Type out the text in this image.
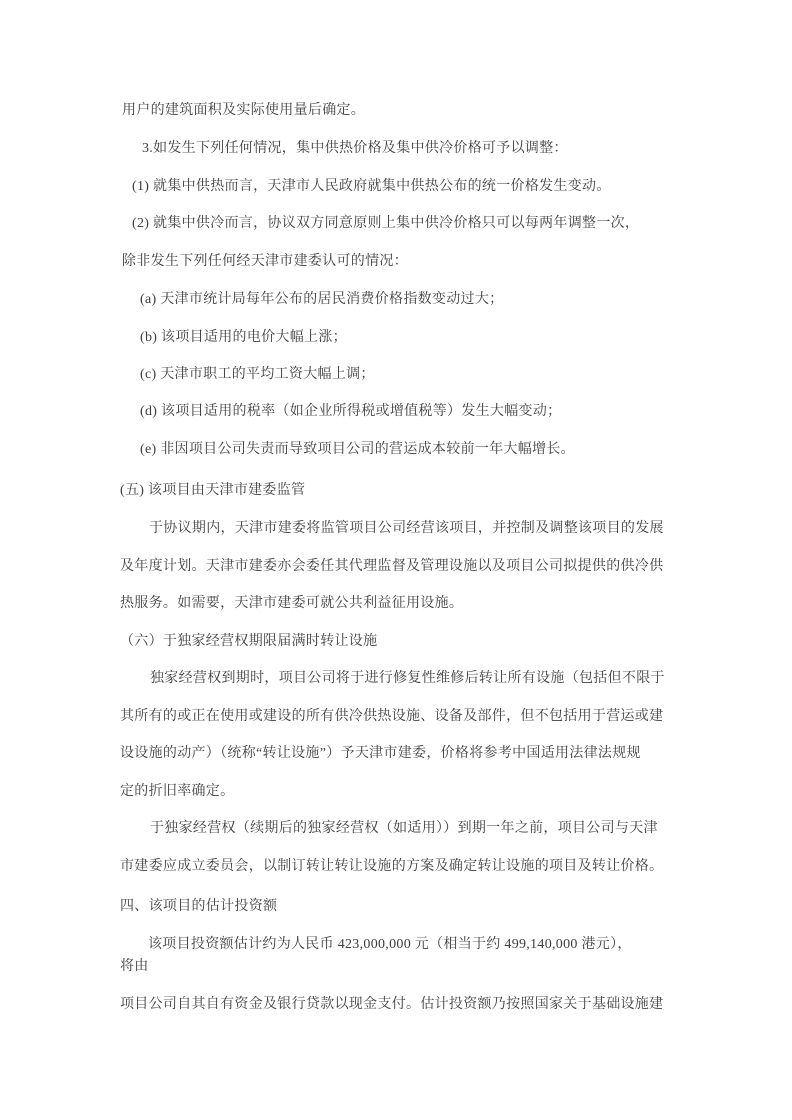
用户的建筑面积及实际使用量后确定。
3.如发生下列任何情况，集中供热价格及集中供冷价格可予以调整：
(1) 就集中供热而言，天津市人民政府就集中供热公布的统一价格发生变动。
(2) 就集中供冷而言，协议双方同意原则上集中供冷价格只可以每两年调整一次，
除非发生下列任何经天津市建委认可的情况：
(a) 天津市统计局每年公布的居民消费价格指数变动过大；
(b) 该项目适用的电价大幅上涨；
(c) 天津市职工的平均工资大幅上调；
(d) 该项目适用的税率（如企业所得税或增值税等）发生大幅变动；
(e) 非因项目公司失责而导致项目公司的营运成本较前一年大幅增长。
(五) 该项目由天津市建委监管
于协议期内，天津市建委将监管项目公司经营该项目，并控制及调整该项目的发展
及年度计划。天津市建委亦会委任其代理监督及管理设施以及项目公司拟提供的供冷供
热服务。如需要，天津市建委可就公共利益征用设施。
（六）于独家经营权期限届满时转让设施
独家经营权到期时，项目公司将于进行修复性维修后转让所有设施（包括但不限于
其所有的或正在使用或建设的所有供冷供热设施、设备及部件，但不包括用于营运或建
设设施的动产）（统称“转让设施”）予天津市建委，价格将参考中国适用法律法规规
定的折旧率确定。
于独家经营权（续期后的独家经营权（如适用））到期一年之前，项目公司与天津
市建委应成立委员会，以制订转让转让设施的方案及确定转让设施的项目及转让价格。
四、该项目的估计投资额
该项目投资额估计约为人民币 423,000,000 元（相当于约 499,140,000 港元），
将由
项目公司自其自有资金及银行贷款以现金支付。估计投资额乃按照国家关于基础设施建
